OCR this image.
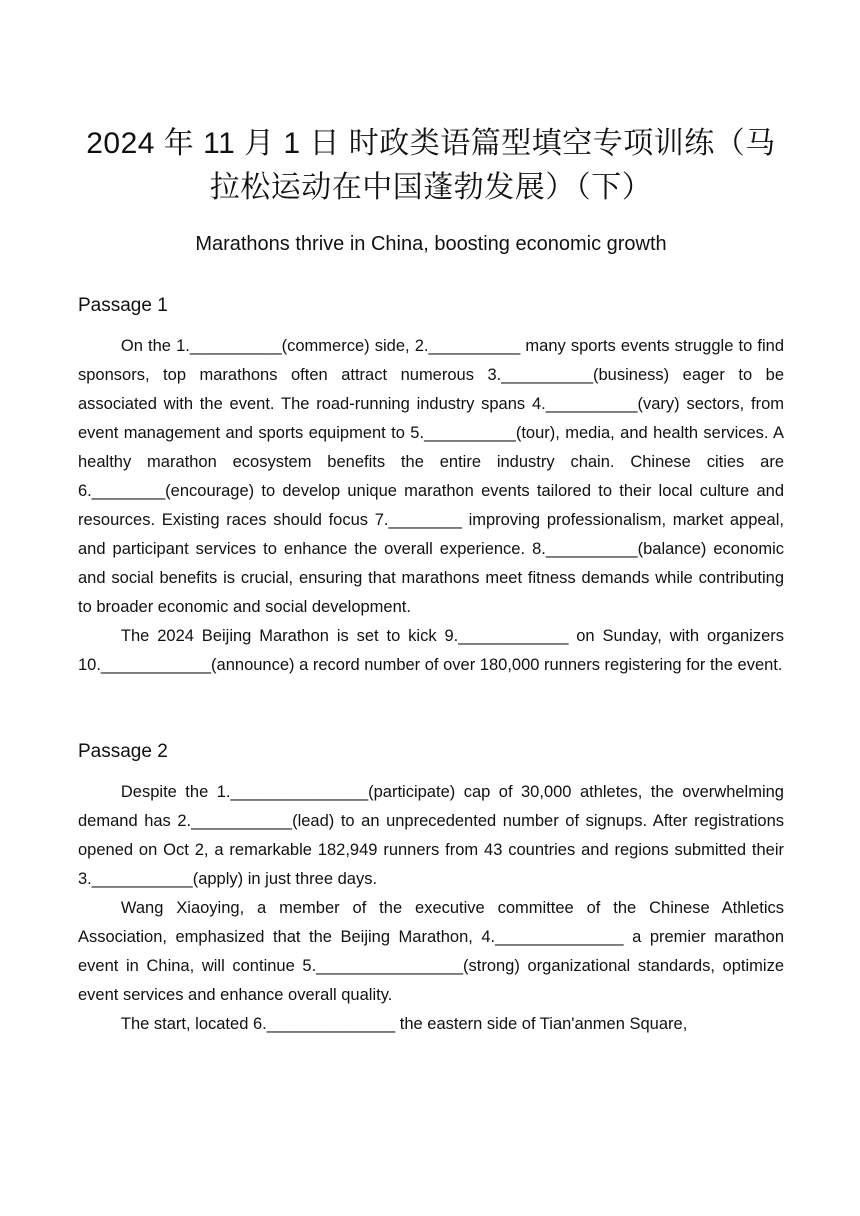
2024 年 11 月 1 日 时政类语篇型填空专项训练（马
拉松运动在中国蓬勃发展）（下）
Marathons thrive in China, boosting economic growth
Passage 1

On the 1.__________(commerce) side, 2.__________ many sports events struggle to find sponsors, top marathons often attract numerous 3.__________(business) eager to be associated with the event. The road-running industry spans 4.__________(vary) sectors, from event management and sports equipment to 5.__________(tour), media, and health services. A healthy marathon ecosystem benefits the entire industry chain. Chinese cities are 6.________(encourage) to develop unique marathon events tailored to their local culture and resources. Existing races should focus 7.________ improving professionalism, market appeal, and participant services to enhance the overall experience. 8.__________(balance) economic and social benefits is crucial, ensuring that marathons meet fitness demands while contributing to broader economic and social development.

The 2024 Beijing Marathon is set to kick 9.____________ on Sunday, with organizers 10.____________(announce) a record number of over 180,000 runners registering for the event.

Passage 2

Despite the 1._______________(participate) cap of 30,000 athletes, the overwhelming demand has 2.___________(lead) to an unprecedented number of signups. After registrations opened on Oct 2, a remarkable 182,949 runners from 43 countries and regions submitted their 3.___________(apply) in just three days.

Wang Xiaoying, a member of the executive committee of the Chinese Athletics Association, emphasized that the Beijing Marathon, 4.______________ a premier marathon event in China, will continue 5.________________(strong) organizational standards, optimize event services and enhance overall quality.

The start, located 6.______________ the eastern side of Tian'anmen Square,
